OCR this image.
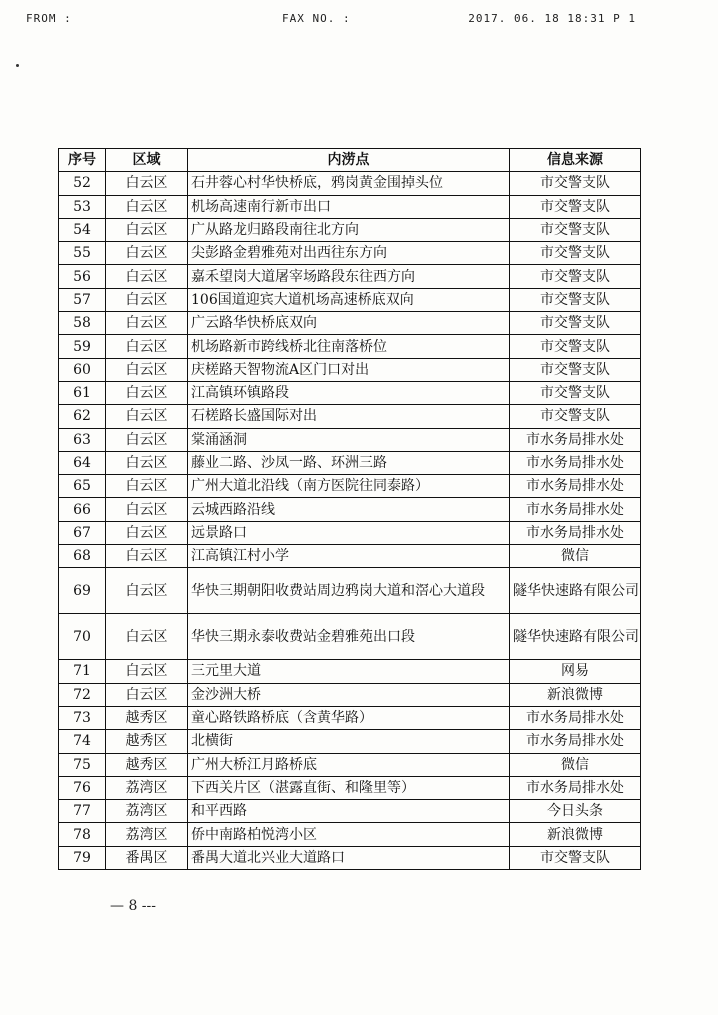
FROM :	FAX NO. :	2017. 06. 18 18:31 P 1
序号	区域	内涝点	信息来源
52	白云区	石井蓉心村华快桥底，鸦岗黄金围掉头位	市交警支队
53	白云区	机场高速南行新市出口	市交警支队
54	白云区	广从路龙归路段南往北方向	市交警支队
55	白云区	尖彭路金碧雅苑对出西往东方向	市交警支队
56	白云区	嘉禾望岗大道屠宰场路段东往西方向	市交警支队
57	白云区	106国道迎宾大道机场高速桥底双向	市交警支队
58	白云区	广云路华快桥底双向	市交警支队
59	白云区	机场路新市跨线桥北往南落桥位	市交警支队
60	白云区	庆槎路天智物流A区门口对出	市交警支队
61	白云区	江高镇环镇路段	市交警支队
62	白云区	石槎路长盛国际对出	市交警支队
63	白云区	棠涌涵洞	市水务局排水处
64	白云区	藤业二路、沙凤一路、环洲三路	市水务局排水处
65	白云区	广州大道北沿线（南方医院往同泰路）	市水务局排水处
66	白云区	云城西路沿线	市水务局排水处
67	白云区	远景路口	市水务局排水处
68	白云区	江高镇江村小学	微信
69	白云区	华快三期朝阳收费站周边鸦岗大道和滘心大道段	隧华快速路有限公司
70	白云区	华快三期永泰收费站金碧雅苑出口段	隧华快速路有限公司
71	白云区	三元里大道	网易
72	白云区	金沙洲大桥	新浪微博
73	越秀区	童心路铁路桥底（含黄华路）	市水务局排水处
74	越秀区	北横街	市水务局排水处
75	越秀区	广州大桥江月路桥底	微信
76	荔湾区	下西关片区（湛露直街、和隆里等）	市水务局排水处
77	荔湾区	和平西路	今日头条
78	荔湾区	侨中南路柏悦湾小区	新浪微博
79	番禺区	番禺大道北兴业大道路口	市交警支队
— 8 ---
